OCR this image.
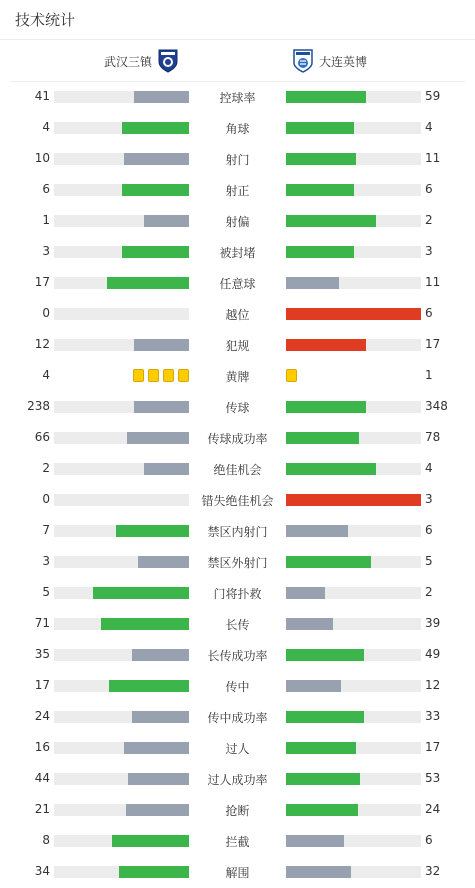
技术统计
武汉三镇	大连英博
41	控球率	59
4	角球	4
10	射门	11
6	射正	6
1	射偏	2
3	被封堵	3
17	任意球	11
0	越位	6
12	犯规	17
4	黄牌	1
238	传球	348
66	传球成功率	78
2	绝佳机会	4
0	错失绝佳机会	3
7	禁区内射门	6
3	禁区外射门	5
5	门将扑救	2
71	长传	39
35	长传成功率	49
17	传中	12
24	传中成功率	33
16	过人	17
44	过人成功率	53
21	抢断	24
8	拦截	6
34	解围	32
